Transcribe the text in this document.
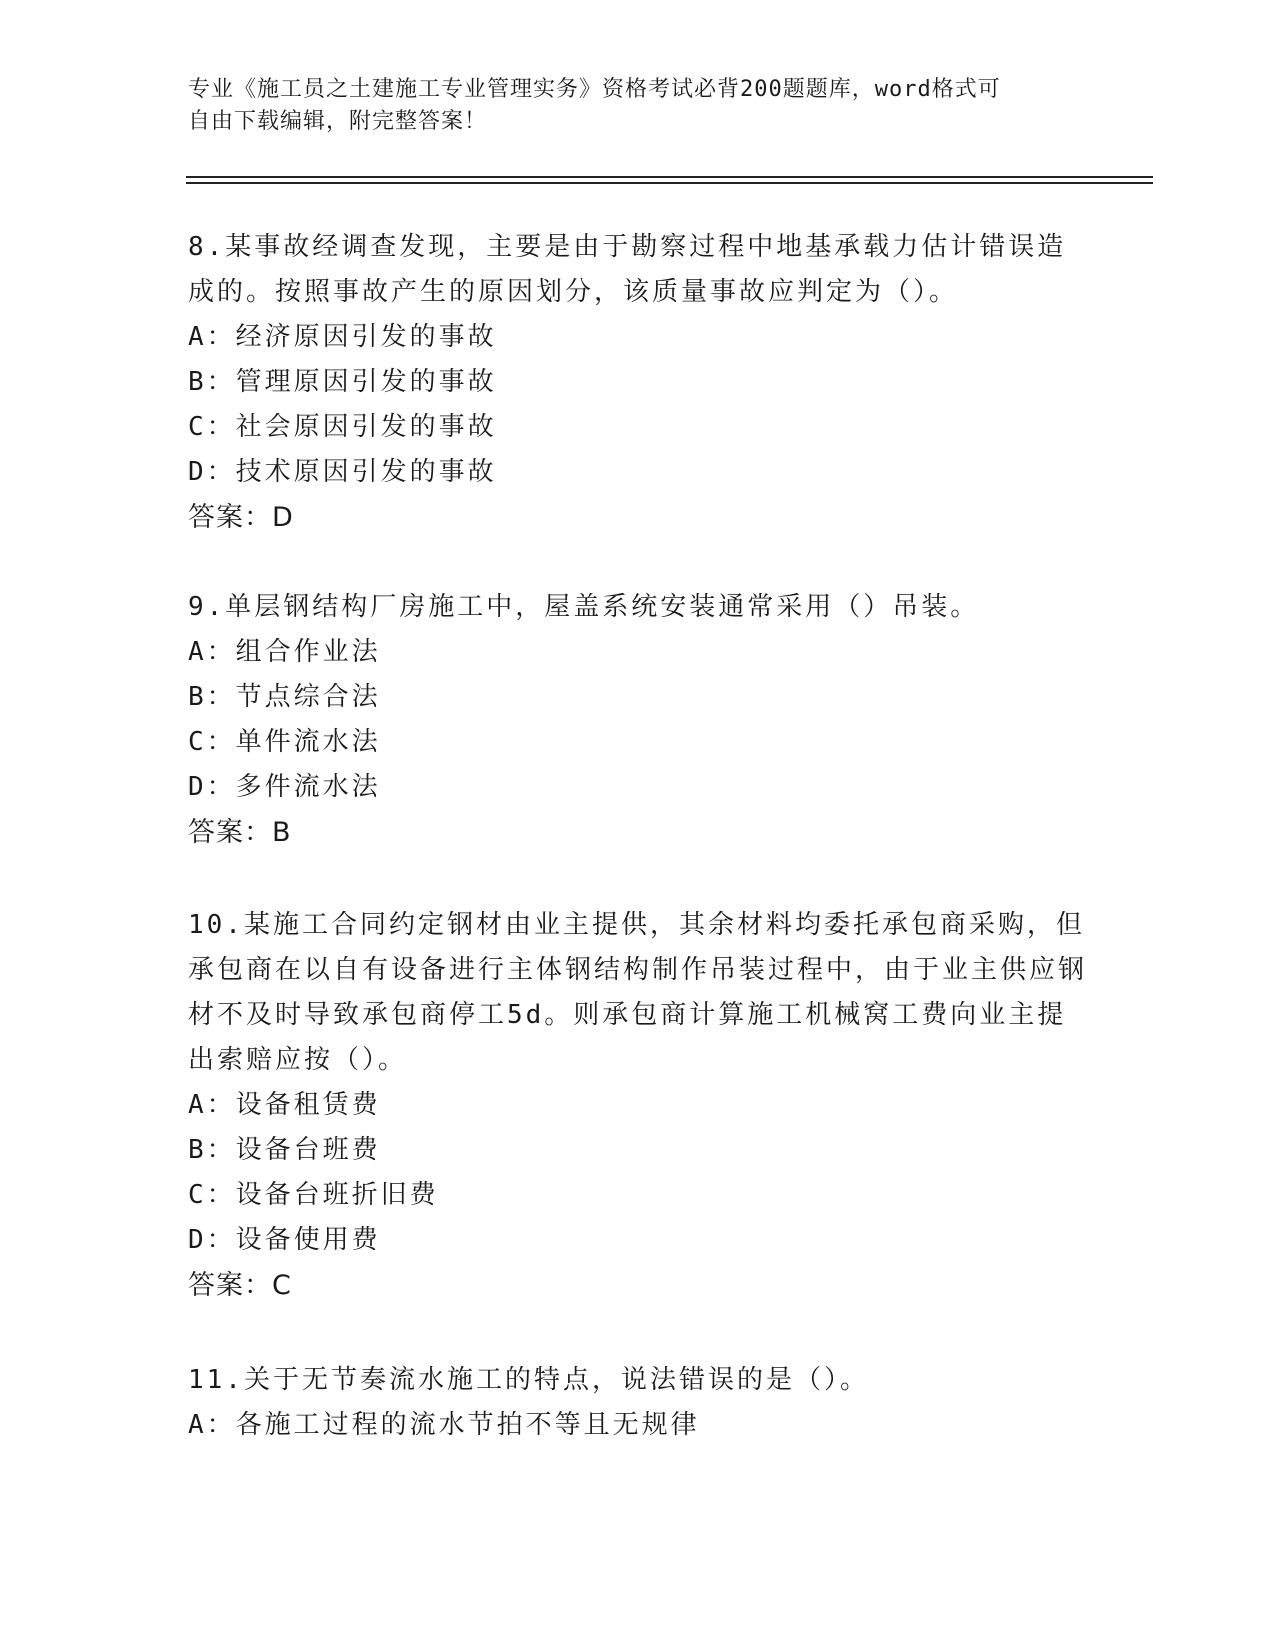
专业《施工员之土建施工专业管理实务》资格考试必背200题题库，word格式可
自由下载编辑，附完整答案！
8.某事故经调查发现，主要是由于勘察过程中地基承载力估计错误造成的。按照事故产生的原因划分，该质量事故应判定为（）。
A：经济原因引发的事故
B：管理原因引发的事故
C：社会原因引发的事故
D：技术原因引发的事故
答案：D
9.单层钢结构厂房施工中，屋盖系统安装通常采用（）吊装。
A：组合作业法
B：节点综合法
C：单件流水法
D：多件流水法
答案：B
10.某施工合同约定钢材由业主提供，其余材料均委托承包商采购，但承包商在以自有设备进行主体钢结构制作吊装过程中，由于业主供应钢材不及时导致承包商停工5d。则承包商计算施工机械窝工费向业主提出索赔应按（）。
A：设备租赁费
B：设备台班费
C：设备台班折旧费
D：设备使用费
答案：C
11.关于无节奏流水施工的特点，说法错误的是（）。
A：各施工过程的流水节拍不等且无规律
